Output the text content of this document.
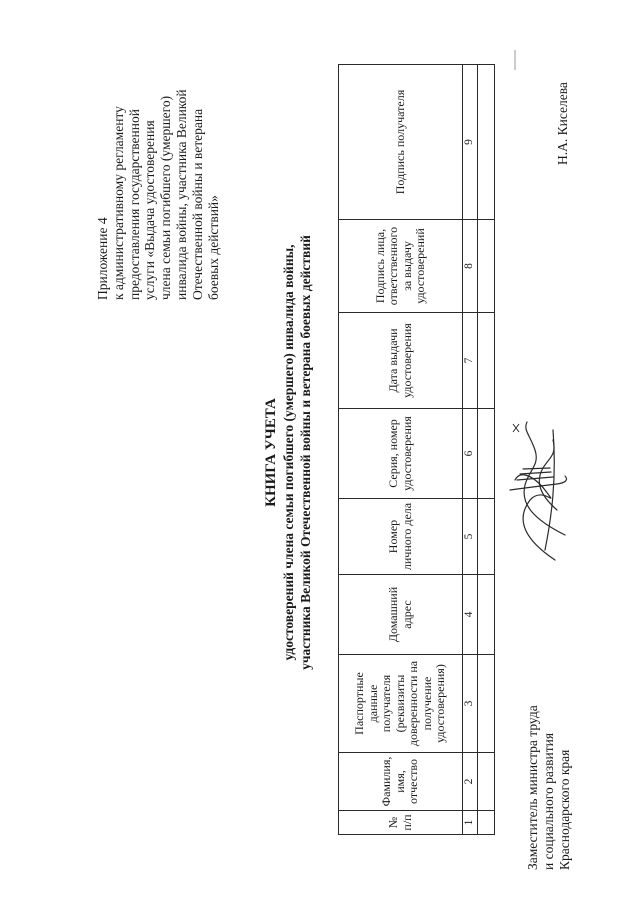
Приложение 4 к административному регламенту предоставления государственной услуги «Выдача удостоверения члена семьи погибшего (умершего) инвалида войны, участника Великой Отечественной войны и ветерана боевых действий»
КНИГА УЧЕТА удостоверений члена семьи погибшего (умершего) инвалида войны, участника Великой Отечественной войны и ветерана боевых действий
№ п/п	Фамилия, имя, отчество	Паспортные данные получателя (реквизиты доверенности на получение удостоверения)	Домашний адрес	Номер личного дела	Серия, номер удостоверения	Дата выдачи удостоверения	Подпись лица, ответственного за выдачу удостоверений	Подпись получателя
1	2	3	4	5	6	7	8	9

Заместитель министра труда и социального развития Краснодарского края
Н.А. Киселева
